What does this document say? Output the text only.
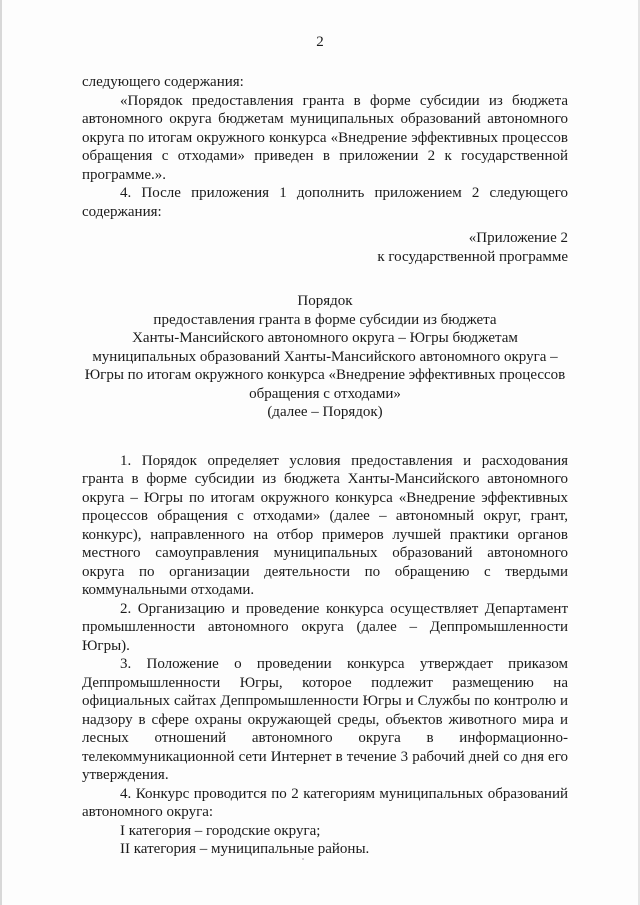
2

следующего содержания:

«Порядок предоставления гранта в форме субсидии из бюджета автономного округа бюджетам муниципальных образований автономного округа по итогам окружного конкурса «Внедрение эффективных процессов обращения с отходами» приведен в приложении 2 к государственной программе.».

4. После приложения 1 дополнить приложением 2 следующего содержания:

«Приложение 2

к государственной программе

Порядок

предоставления гранта в форме субсидии из бюджета

Ханты-Мансийского автономного округа – Югры бюджетам

муниципальных образований Ханты-Мансийского автономного округа –

Югры по итогам окружного конкурса «Внедрение эффективных процессов

обращения с отходами»

(далее – Порядок)

1. Порядок определяет условия предоставления и расходования гранта в форме субсидии из бюджета Ханты-Мансийского автономного округа – Югры по итогам окружного конкурса «Внедрение эффективных процессов обращения с отходами» (далее – автономный округ, грант, конкурс), направленного на отбор примеров лучшей практики органов местного самоуправления муниципальных образований автономного округа по организации деятельности по обращению с твердыми коммунальными отходами.

2. Организацию и проведение конкурса осуществляет Департамент промышленности автономного округа (далее – Деппромышленности Югры).

3. Положение о проведении конкурса утверждает приказом Деппромышленности Югры, которое подлежит размещению на официальных сайтах Деппромышленности Югры и Службы по контролю и надзору в сфере охраны окружающей среды, объектов животного мира и лесных отношений автономного округа в информационно-телекоммуникационной сети Интернет в течение 3 рабочий дней со дня его утверждения.

4. Конкурс проводится по 2 категориям муниципальных образований автономного округа:

I категория – городские округа;

II категория – муниципальные районы.
